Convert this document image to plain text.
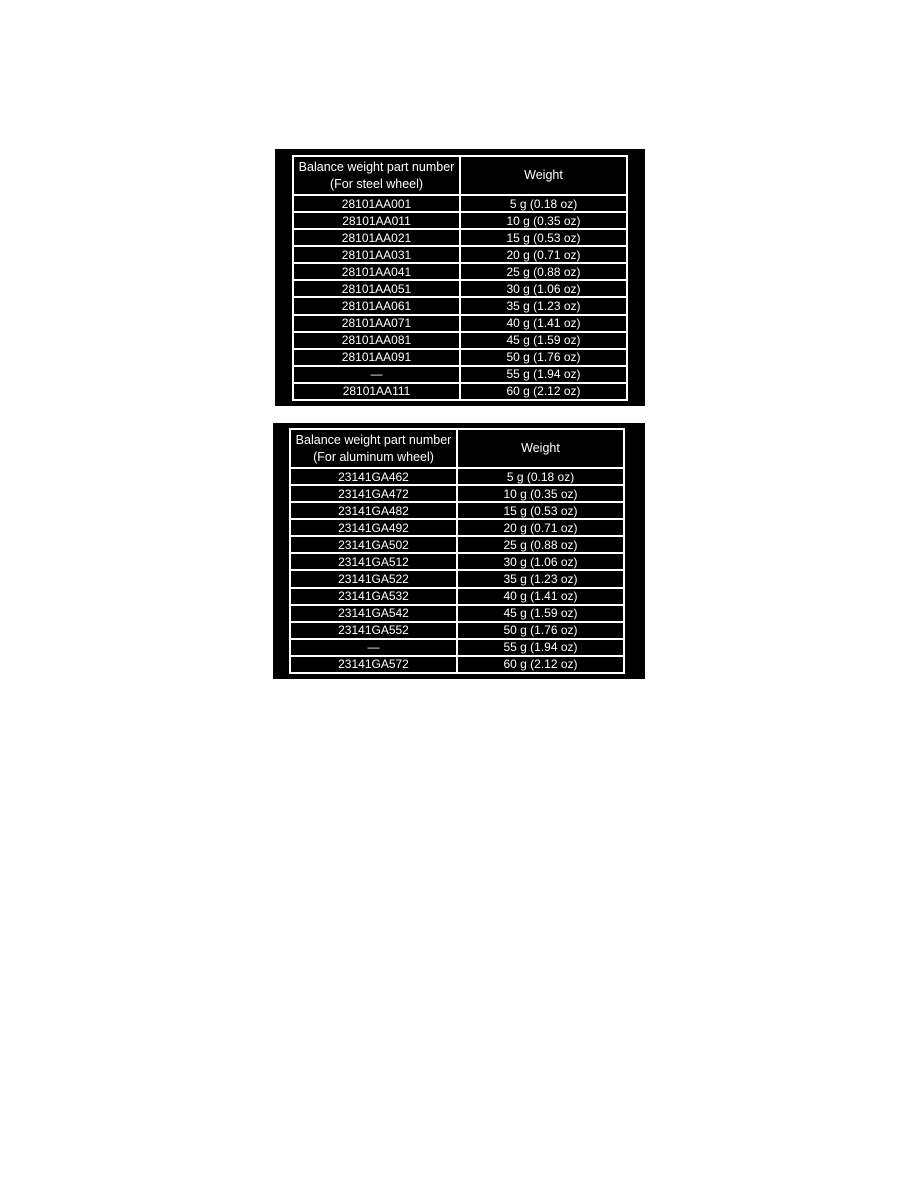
Balance weight part number
(For steel wheel)	Weight
28101AA001	5 g (0.18 oz)
28101AA011	10 g (0.35 oz)
28101AA021	15 g (0.53 oz)
28101AA031	20 g (0.71 oz)
28101AA041	25 g (0.88 oz)
28101AA051	30 g (1.06 oz)
28101AA061	35 g (1.23 oz)
28101AA071	40 g (1.41 oz)
28101AA081	45 g (1.59 oz)
28101AA091	50 g (1.76 oz)
—	55 g (1.94 oz)
28101AA111	60 g (2.12 oz)
Balance weight part number
(For aluminum wheel)	Weight
23141GA462	5 g (0.18 oz)
23141GA472	10 g (0.35 oz)
23141GA482	15 g (0.53 oz)
23141GA492	20 g (0.71 oz)
23141GA502	25 g (0.88 oz)
23141GA512	30 g (1.06 oz)
23141GA522	35 g (1.23 oz)
23141GA532	40 g (1.41 oz)
23141GA542	45 g (1.59 oz)
23141GA552	50 g (1.76 oz)
—	55 g (1.94 oz)
23141GA572	60 g (2.12 oz)
